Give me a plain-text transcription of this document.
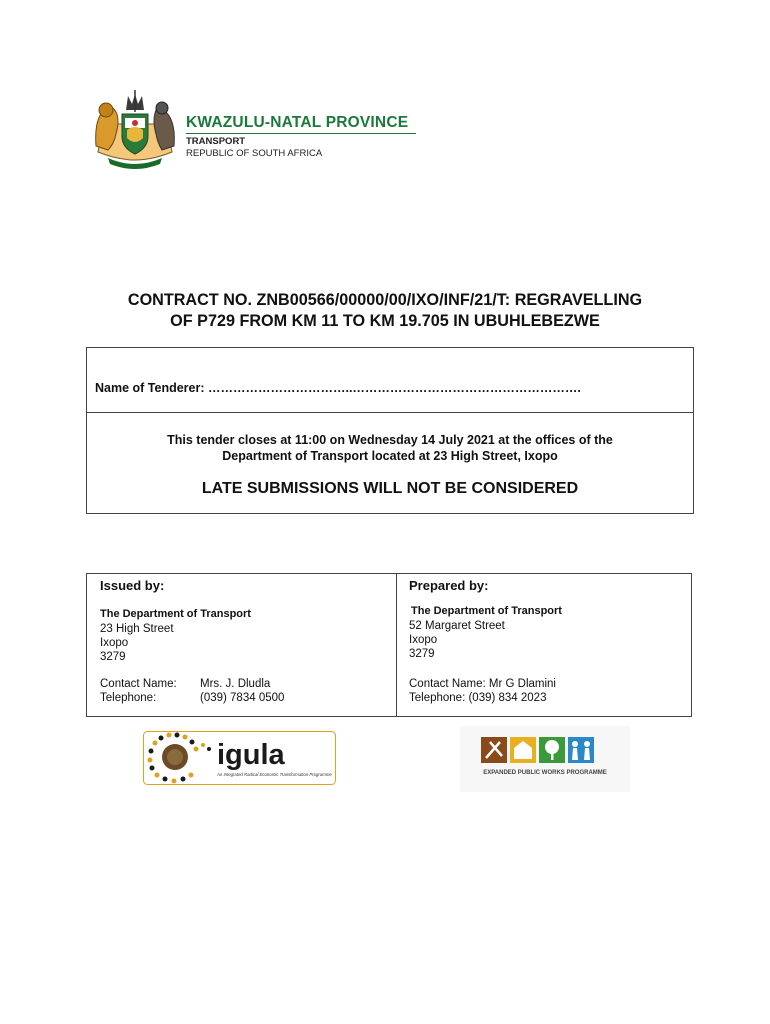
KWAZULU-NATAL PROVINCE
TRANSPORT
REPUBLIC OF SOUTH AFRICA
CONTRACT NO. ZNB00566/00000/00/IXO/INF/21/T: REGRAVELLING
OF P729 FROM KM 11 TO KM 19.705 IN UBUHLEBEZWE
Name of Tenderer: ……………………………..……………………………………………….
This tender closes at 11:00 on Wednesday 14 July 2021 at the offices of the
Department of Transport located at 23 High Street, Ixopo
LATE SUBMISSIONS WILL NOT BE CONSIDERED
Issued by:
The Department of Transport
23 High Street
Ixopo
3279
Contact Name: Mrs. J. Dludla
Telephone:	(039) 7834 0500
Prepared by:
The Department of Transport
52 Margaret Street
Ixopo
3279
Contact Name: Mr G Dlamini
Telephone: (039) 834 2023
igula
An Integrated Radical Economic Transformation Programme	EXPANDED PUBLIC WORKS PROGRAMME
